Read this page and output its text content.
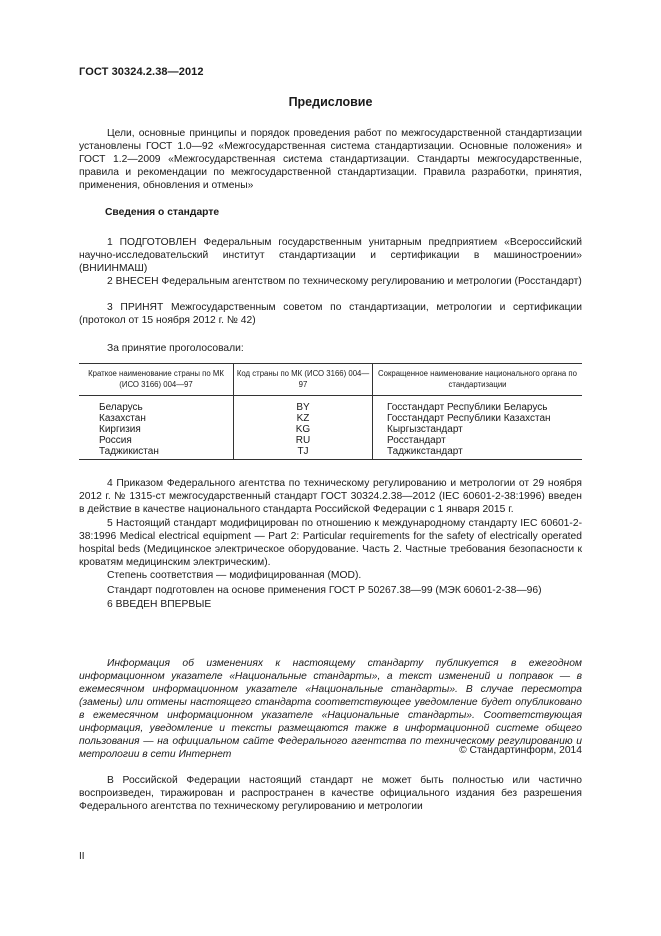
ГОСТ 30324.2.38—2012
Предисловие
Цели, основные принципы и порядок проведения работ по межгосударственной стандартизации установлены ГОСТ 1.0—92 «Межгосударственная система стандартизации. Основные положения» и ГОСТ 1.2—2009 «Межгосударственная система стандартизации. Стандарты межгосударственные, правила и рекомендации по межгосударственной стандартизации. Правила разработки, принятия, применения, обновления и отмены»
Сведения о стандарте
1 ПОДГОТОВЛЕН Федеральным государственным унитарным предприятием «Всероссийский научно-исследовательский институт стандартизации и сертификации в машиностроении» (ВНИИНМАШ)
2 ВНЕСЕН Федеральным агентством по техническому регулированию и метрологии (Росстандарт)
3 ПРИНЯТ Межгосударственным советом по стандартизации, метрологии и сертификации (протокол от 15 ноября 2012 г. № 42)
За принятие проголосовали:
Краткое наименование страны по МК (ИСО 3166) 004—97	Код страны по МК (ИСО 3166) 004—97	Сокращенное наименование национального органа по стандартизации
Беларусь	BY	Госстандарт Республики Беларусь
Казахстан	KZ	Госстандарт Республики Казахстан
Киргизия	KG	Кыргызстандарт
Россия	RU	Росстандарт
Таджикистан	TJ	Таджикстандарт
4 Приказом Федерального агентства по техническому регулированию и метрологии от 29 ноября 2012 г. № 1315-ст межгосударственный стандарт ГОСТ 30324.2.38—2012 (IEC 60601-2-38:1996) введен в действие в качестве национального стандарта Российской Федерации с 1 января 2015 г.
5 Настоящий стандарт модифицирован по отношению к международному стандарту IEC 60601-2-38:1996 Medical electrical equipment — Part 2: Particular requirements for the safety of electrically operated hospital beds (Медицинское электрическое оборудование. Часть 2. Частные требования безопасности к кроватям медицинским электрическим).
Степень соответствия — модифицированная (MOD).
Стандарт подготовлен на основе применения ГОСТ Р 50267.38—99 (МЭК 60601-2-38—96)
6 ВВЕДЕН ВПЕРВЫЕ
Информация об изменениях к настоящему стандарту публикуется в ежегодном информационном указателе «Национальные стандарты», а текст изменений и поправок — в ежемесячном информационном указателе «Национальные стандарты». В случае пересмотра (замены) или отмены настоящего стандарта соответствующее уведомление будет опубликовано в ежемесячном информационном указателе «Национальные стандарты». Соответствующая информация, уведомление и тексты размещаются также в информационной системе общего пользования — на официальном сайте Федерального агентства по техническому регулированию и метрологии в сети Интернет	© Стандартинформ, 2014
В Российской Федерации настоящий стандарт не может быть полностью или частично воспроизведен, тиражирован и распространен в качестве официального издания без разрешения Федерального агентства по техническому регулированию и метрологии
II
